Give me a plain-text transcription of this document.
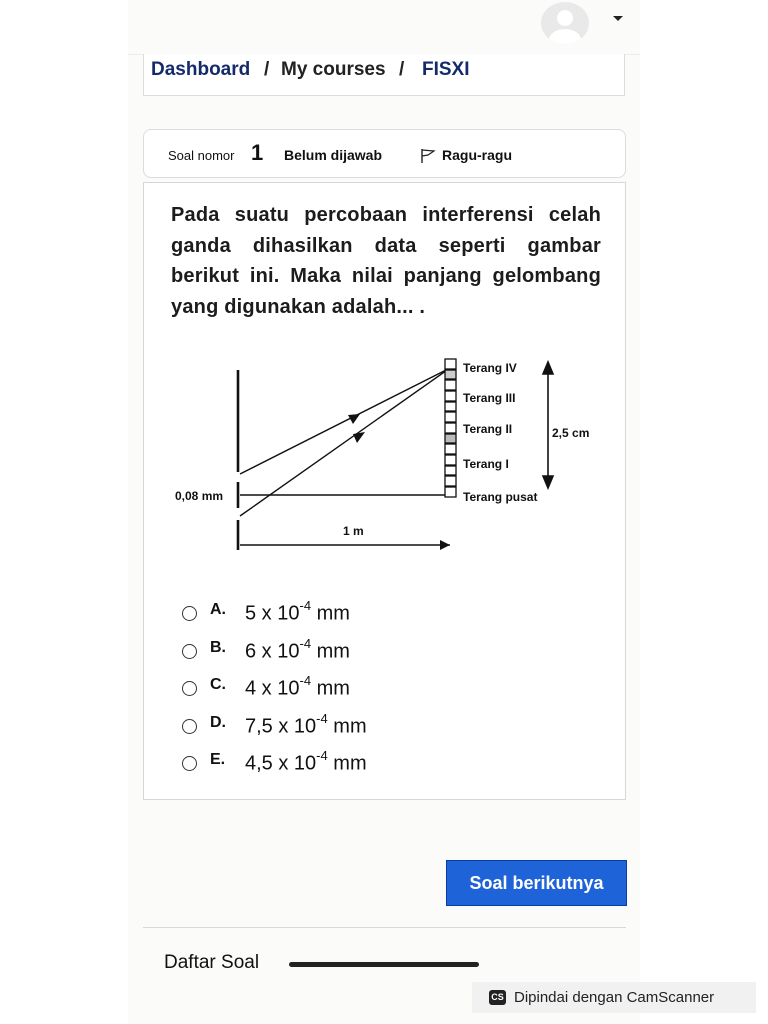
Dashboard / My courses / FISXI
Soal nomor 1 Belum dijawab	Ragu-ragu
Pada suatu percobaan interferensi celah ganda dihasilkan data seperti gambar berikut ini. Maka nilai panjang gelombang yang digunakan adalah... .
Terang IV
Terang III
Terang II
Terang I
Terang pusat
2,5 cm
0,08 mm
1 m
A. 5 x $10^{-4}$ mm
B. 6 x $10^{-4}$ mm
C. 4 x $10^{-4}$ mm
D. 7,5 x $10^{-4}$ mm
E. 4,5 x $10^{-4}$ mm
Soal berikutnya
Daftar Soal
CS Dipindai dengan CamScanner
